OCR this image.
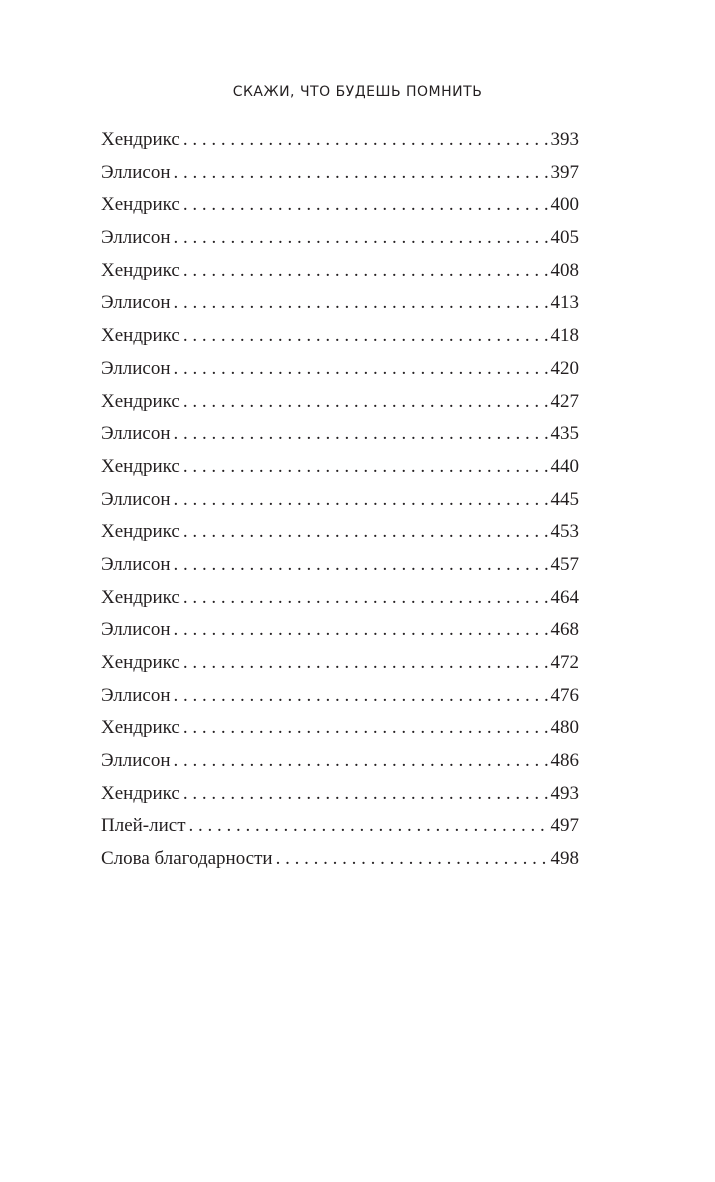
СКАЖИ, ЧТО БУДЕШЬ ПОМНИТЬ
Хендрикс . . .	393
Эллисон . . .	397
Хендрикс . . .	400
Эллисон . . .	405
Хендрикс . . .	408
Эллисон . . .	413
Хендрикс . . .	418
Эллисон . . .	420
Хендрикс . . .	427
Эллисон . . .	435
Хендрикс . . .	440
Эллисон . . .	445
Хендрикс . . .	453
Эллисон . . .	457
Хендрикс . . .	464
Эллисон . . .	468
Хендрикс . . .	472
Эллисон . . .	476
Хендрикс . . .	480
Эллисон . . .	486
Хендрикс . . .	493
Плей-лист . . .	497
Слова благодарности . . .	498
